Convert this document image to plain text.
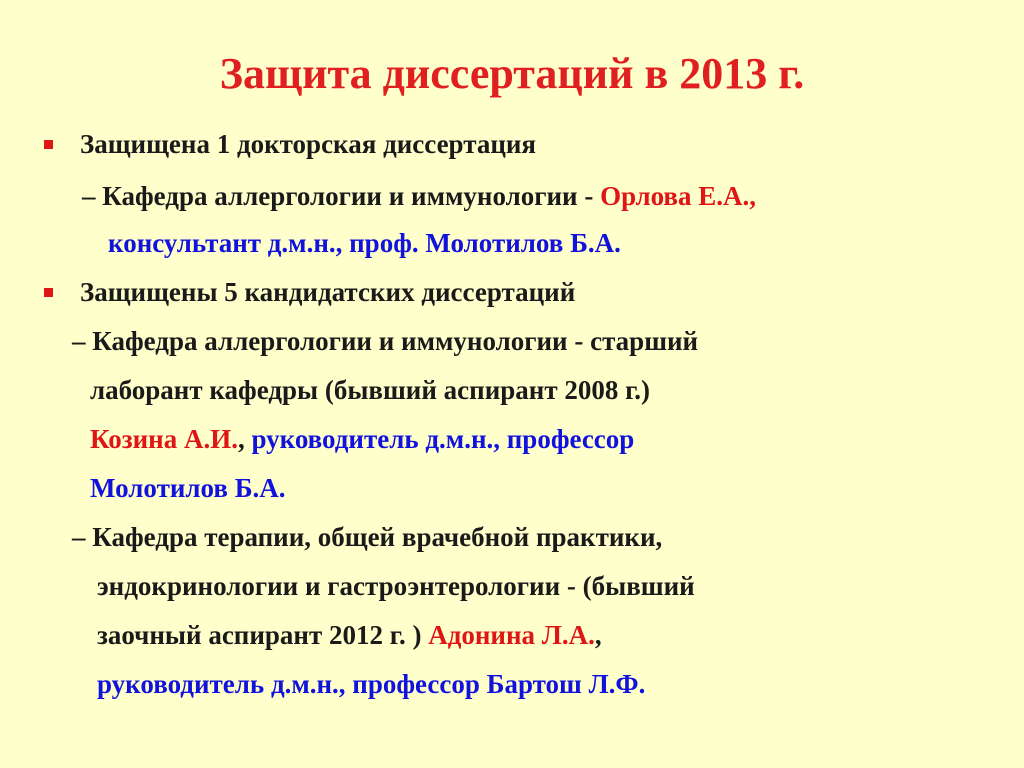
Защита диссертаций в 2013 г.
Защищена 1 докторская диссертация
– Кафедра аллергологии и иммунологии - Орлова Е.А.,
консультант д.м.н., проф. Молотилов Б.А.
Защищены 5 кандидатских диссертаций
– Кафедра аллергологии и иммунологии - старший
лаборант кафедры (бывший аспирант 2008 г.)
Козина А.И., руководитель д.м.н., профессор
Молотилов Б.А.
– Кафедра терапии, общей врачебной практики,
эндокринологии и гастроэнтерологии - (бывший
заочный аспирант 2012 г. ) Адонина Л.А.,
руководитель д.м.н., профессор Бартош Л.Ф.
